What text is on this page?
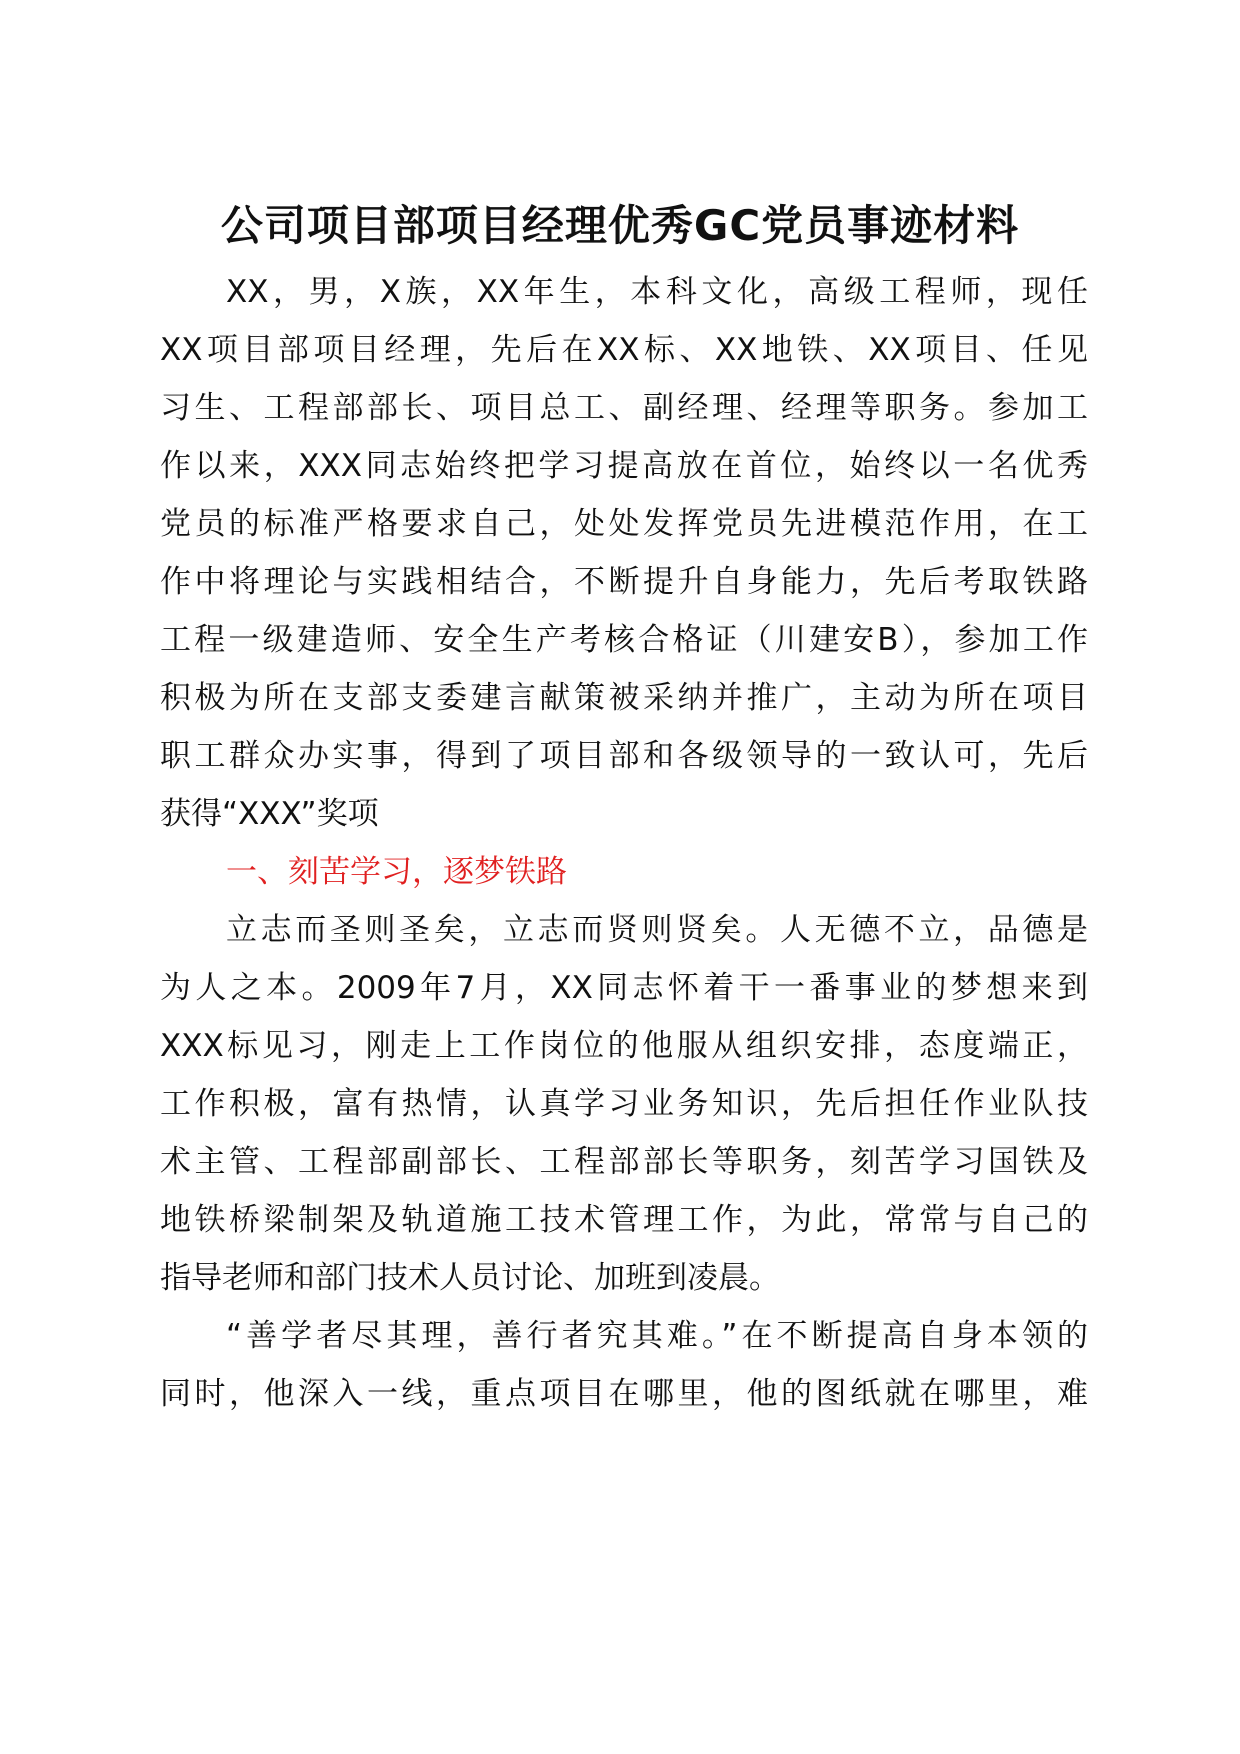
公司项目部项目经理优秀GC党员事迹材料
XX，男，X族，XX年生，本科文化，高级工程师，现任
XX项目部项目经理，先后在XX标、XX地铁、XX项目、任见
习生、工程部部长、项目总工、副经理、经理等职务。参加工
作以来，XXX同志始终把学习提高放在首位，始终以一名优秀
党员的标准严格要求自己，处处发挥党员先进模范作用，在工
作中将理论与实践相结合，不断提升自身能力，先后考取铁路
工程一级建造师、安全生产考核合格证（川建安B），参加工作
积极为所在支部支委建言献策被采纳并推广，主动为所在项目
职工群众办实事，得到了项目部和各级领导的一致认可，先后
获得“XXX”奖项
一、刻苦学习，逐梦铁路
立志而圣则圣矣，立志而贤则贤矣。人无德不立，品德是
为人之本。2009年7月，XX同志怀着干一番事业的梦想来到
XXX标见习，刚走上工作岗位的他服从组织安排，态度端正，
工作积极，富有热情，认真学习业务知识，先后担任作业队技
术主管、工程部副部长、工程部部长等职务，刻苦学习国铁及
地铁桥梁制架及轨道施工技术管理工作，为此，常常与自己的
指导老师和部门技术人员讨论、加班到凌晨。
“善学者尽其理，善行者究其难。”在不断提高自身本领的
同时，他深入一线，重点项目在哪里，他的图纸就在哪里，难
